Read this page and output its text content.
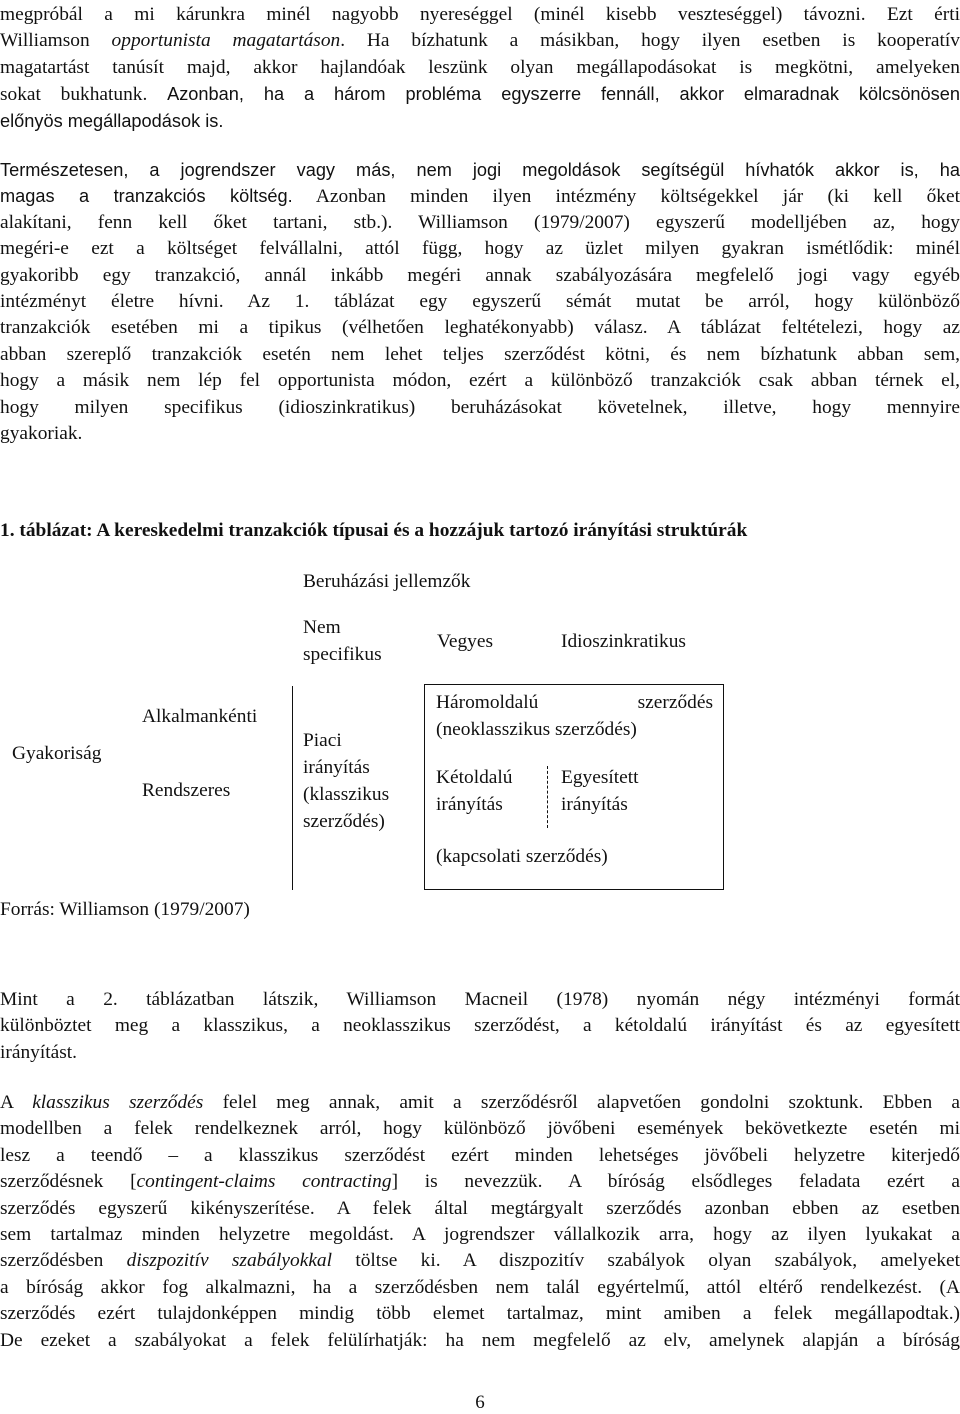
megpróbál a mi kárunkra minél nagyobb nyereséggel (minél kisebb veszteséggel) távozni. Ezt érti
Williamson opportunista magatartáson. Ha bízhatunk a másikban, hogy ilyen esetben is kooperatív
magatartást tanúsít majd, akkor hajlandóak leszünk olyan megállapodásokat is megkötni, amelyeken
sokat bukhatunk. Azonban, ha a három probléma egyszerre fennáll, akkor elmaradnak kölcsönösen
előnyös megállapodások is.
Természetesen, a jogrendszer vagy más, nem jogi megoldások segítségül hívhatók akkor is, ha
magas a tranzakciós költség. Azonban minden ilyen intézmény költségekkel jár (ki kell őket
alakítani, fenn kell őket tartani, stb.). Williamson (1979/2007) egyszerű modelljében az, hogy
megéri-e ezt a költséget felvállalni, attól függ, hogy az üzlet milyen gyakran ismétlődik: minél
gyakoribb egy tranzakció, annál inkább megéri annak szabályozására megfelelő jogi vagy egyéb
intézményt életre hívni. Az 1. táblázat egy egyszerű sémát mutat be arról, hogy különböző
tranzakciók esetében mi a tipikus (vélhetően leghatékonyabb) válasz. A táblázat feltételezi, hogy az
abban szereplő tranzakciók esetén nem lehet teljes szerződést kötni, és nem bízhatunk abban sem,
hogy a másik nem lép fel opportunista módon, ezért a különböző tranzakciók csak abban térnek el,
hogy milyen specifikus (idioszinkratikus) beruházásokat követelnek, illetve, hogy mennyire
gyakoriak.
1. táblázat: A kereskedelmi tranzakciók típusai és a hozzájuk tartozó irányítási struktúrák
Beruházási jellemzők
Nem
specifikus
Vegyes	Idioszinkratikus
Gyakoriság
Alkalmankénti
Rendszeres
Piaci
irányítás
(klasszikus
szerződés)
Háromoldalú	szerződés
(neoklasszikus szerződés)
Kétoldalú
irányítás
Egyesített
irányítás
(kapcsolati szerződés)
Forrás: Williamson (1979/2007)
Mint a 2. táblázatban látszik, Williamson Macneil (1978) nyomán négy intézményi formát
különböztet meg a klasszikus, a neoklasszikus szerződést, a kétoldalú irányítást és az egyesített
irányítást.
A klasszikus szerződés felel meg annak, amit a szerződésről alapvetően gondolni szoktunk. Ebben a
modellben a felek rendelkeznek arról, hogy különböző jövőbeni események bekövetkezte esetén mi
lesz a teendő – a klasszikus szerződést ezért minden lehetséges jövőbeli helyzetre kiterjedő
szerződésnek [contingent-claims contracting] is nevezzük. A bíróság elsődleges feladata ezért a
szerződés egyszerű kikényszerítése. A felek által megtárgyalt szerződés azonban ebben az esetben
sem tartalmaz minden helyzetre megoldást. A jogrendszer vállalkozik arra, hogy az ilyen lyukakat a
szerződésben diszpozitív szabályokkal töltse ki. A diszpozitív szabályok olyan szabályok, amelyeket
a bíróság akkor fog alkalmazni, ha a szerződésben nem talál egyértelmű, attól eltérő rendelkezést. (A
szerződés ezért tulajdonképpen mindig több elemet tartalmaz, mint amiben a felek megállapodtak.)
De ezeket a szabályokat a felek felülírhatják: ha nem megfelelő az elv, amelynek alapján a bíróság
6
